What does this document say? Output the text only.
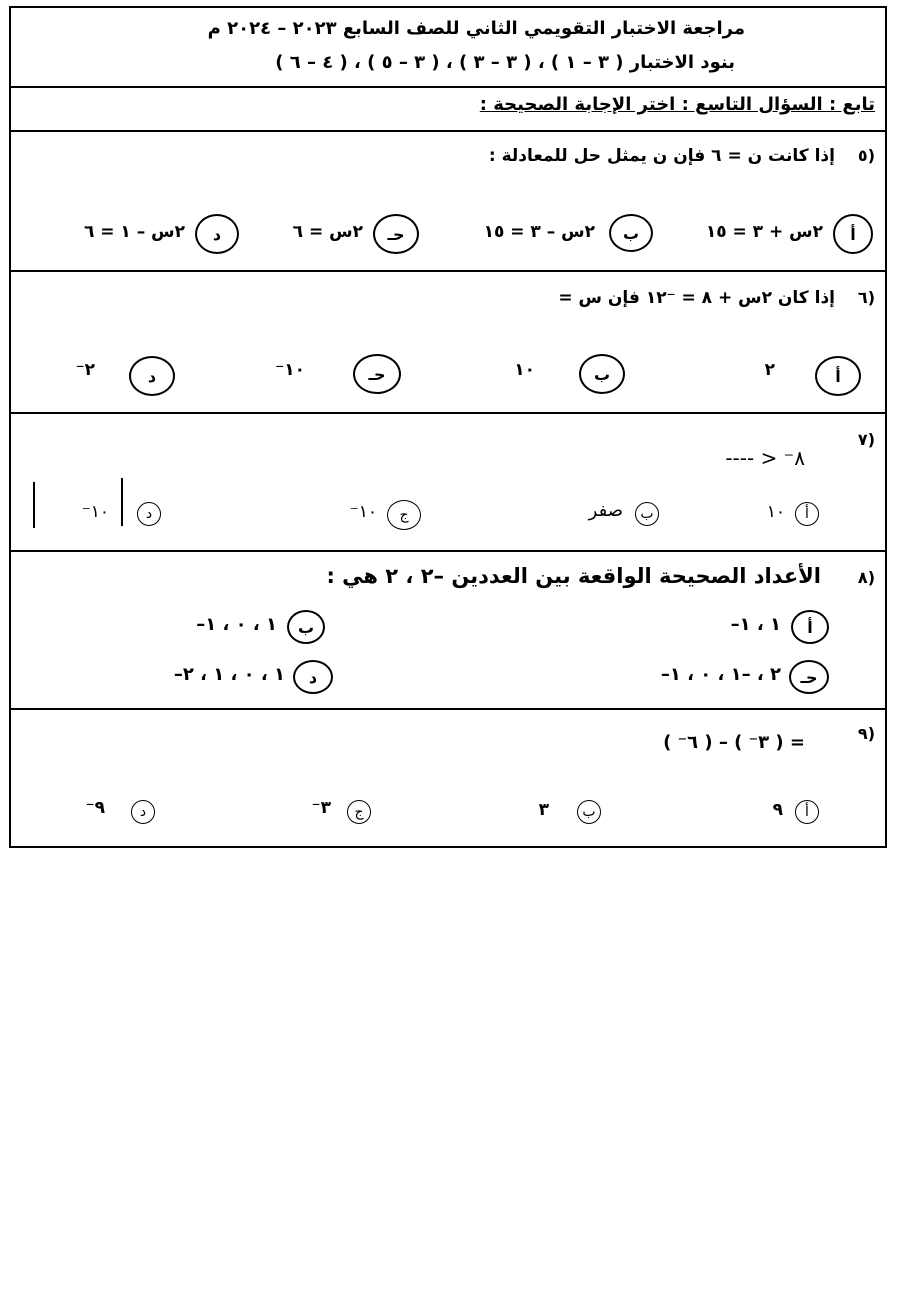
مراجعة الاختبار التقويمي الثاني للصف السابع ٢٠٢٣ – ٢٠٢٤ م
بنود الاختبار ( ٣ – ١ ) ، ( ٣ – ٣ ) ، ( ٣ – ٥ ) ، ( ٤ – ٦ )
تابع : السؤال التاسع : اختر الإجابة الصحيحة :
٥)
إذا كانت ن = ٦ فإن ن يمثل حل للمعادلة :
أ
٢س + ٣ = ١٥
ب
٢س – ٣ = ١٥
حـ
٢س = ٦
د
٢س – ١ = ٦
٦)
إذا كان ٢س + ٨ = ⁻١٢ فإن س =
أ
٢
ب
١٠
حـ
⁻١٠
د
⁻٢
٧)
---- > ⁻٨
أ
١٠
ب
صفر
ج
⁻١٠
د
⁻١٠
٨)
الأعداد الصحيحة الواقعة بين العددين –٢ ، ٢ هي :
أ
–١ ، ١
ب
–١ ، ٠ ، ١
حـ
–٢ ، –١ ، ٠ ، ١
د
–١ ، ٠ ، ١ ، ٢
٩)
( ⁻٦ ) – ( ⁻٣ ) =
أ
٩
ب
٣
ج
⁻٣
د
⁻٩
